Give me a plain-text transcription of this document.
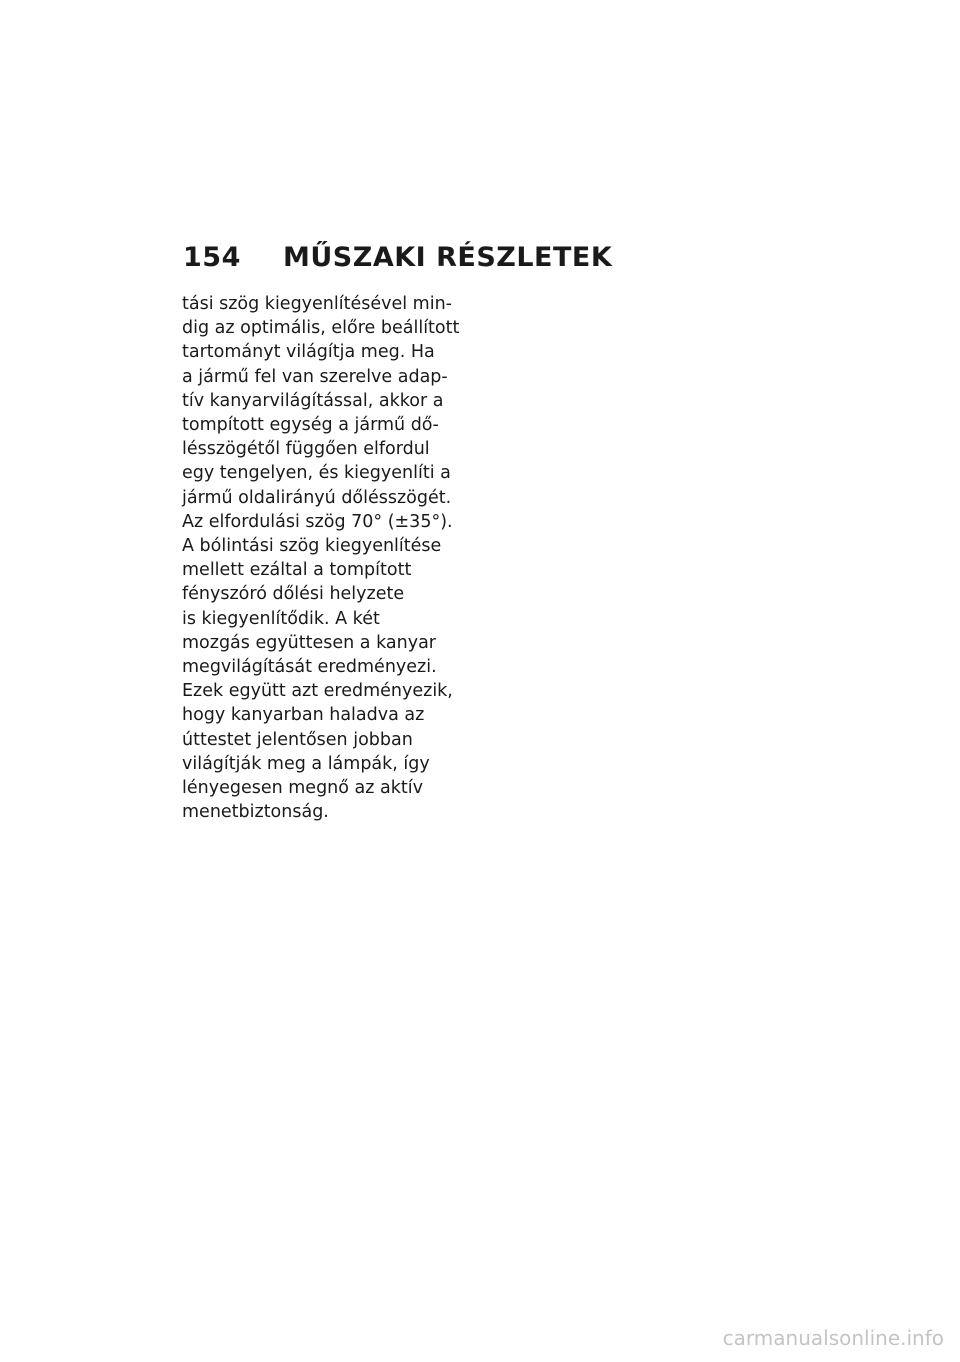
154	MŰSZAKI RÉSZLETEK
tási szög kiegyenlítésével min-
dig az optimális, előre beállított
tartományt világítja meg. Ha
a jármű fel van szerelve adap-
tív kanyarvilágítással, akkor a
tompított egység a jármű dő-
lésszögétől függően elfordul
egy tengelyen, és kiegyenlíti a
jármű oldalirányú dőlésszögét.
Az elfordulási szög 70° (±35°).
A bólintási szög kiegyenlítése
mellett ezáltal a tompított
fényszóró dőlési helyzete
is kiegyenlítődik. A két
mozgás együttesen a kanyar
megvilágítását eredményezi.
Ezek együtt azt eredményezik,
hogy kanyarban haladva az
úttestet jelentősen jobban
világítják meg a lámpák, így
lényegesen megnő az aktív
menetbiztonság.
carmanualsonline.info
